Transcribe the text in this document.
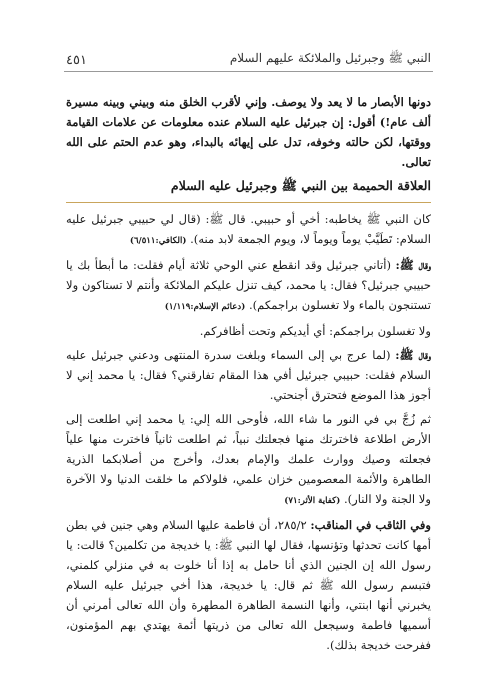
٤٥١	النبي ﷺ وجبرئيل والملائكة عليهم السلام

دونها الأبصار ما لا يعد ولا يوصف. وإني لأقرب الخلق منه وبيني وبينه مسيرة ألف عام!) أقول: إن جبرئيل عليه السلام عنده معلومات عن علامات القيامة ووقتها، لكن حالته وخوفه، تدل على إيهائه بالبداء، وهو عدم الحتم على الله تعالى.

العلاقة الحميمة بين النبي ﷺ وجبرئيل عليه السلام

كان النبي ﷺ يخاطبه: أخي أو حبيبي. قال ﷺ: (قال لي حبيبي جبرئيل عليه السلام: تَطَيَّبْ يوماً ويوماً لا، ويوم الجمعة لابد منه). (الكافي:٦/٥١١)

وقال ﷺ: (أتاني جبرئيل وقد انقطع عني الوحي ثلاثة أيام فقلت: ما أبطأ بك يا حبيبي جبرئيل؟ فقال: يا محمد، كيف تنزل عليكم الملائكة وأنتم لا تستاكون ولا تستنجون بالماء ولا تغسلون براجمكم). (دعائم الإسلام:١/١١٩)

ولا تغسلون براجمكم: أي أيديكم وتحت أظافركم.

وقال ﷺ: (لما عرج بي إلى السماء وبلغت سدرة المنتهى ودعني جبرئيل عليه السلام فقلت: حبيبي جبرئيل أفي هذا المقام تفارقني؟ فقال: يا محمد إني لا أجوز هذا الموضع فتحترق أجنحتي.

ثم زُجَّ بي في النور ما شاء الله، فأوحى الله إلي: يا محمد إني اطلعت إلى الأرض اطلاعة فاخترتك منها فجعلتك نبياً، ثم اطلعت ثانياً فاخترت منها علياً فجعلته وصيك ووارث علمك والإمام بعدك، وأخرج من أصلابكما الذرية الطاهرة والأئمة المعصومين خزان علمي، فلولاكم ما خلقت الدنيا ولا الآخرة ولا الجنة ولا النار). (كفاية الأثر:٧١)

وفي الثاقب في المناقب: ٢٨٥/٢، أن فاطمة عليها السلام وهي جنين في بطن أمها كانت تحدثها وتؤنسها، فقال لها النبي ﷺ: يا خديجة من تكلمين؟ قالت: يا رسول الله إن الجنين الذي أنا حامل به إذا أنا خلوت به في منزلي كلمني، فتبسم رسول الله ﷺ ثم قال: يا خديجة، هذا أخي جبرئيل عليه السلام يخبرني أنها ابنتي، وأنها النسمة الطاهرة المطهرة وأن الله تعالى أمرني أن أسميها فاطمة وسيجعل الله تعالى من ذريتها أئمة يهتدي بهم المؤمنون، ففرحت خديجة بذلك).
